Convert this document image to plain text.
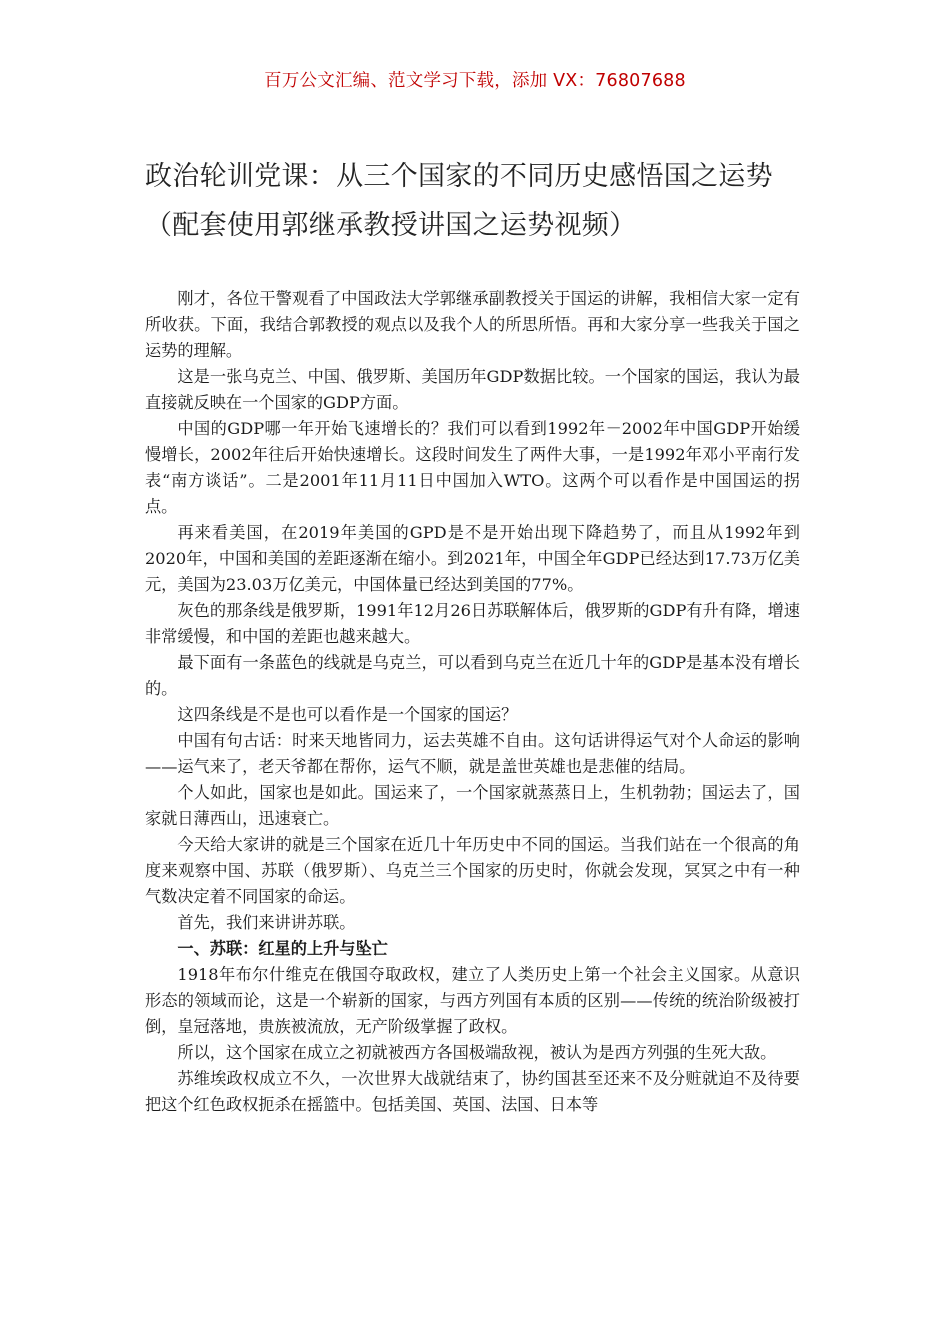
百万公文汇编、范文学习下载，添加 VX：76807688
政治轮训党课：从三个国家的不同历史感悟国之运势
（配套使用郭继承教授讲国之运势视频）

刚才，各位干警观看了中国政法大学郭继承副教授关于国运的讲解，我相信大家一定有所收获。下面，我结合郭教授的观点以及我个人的所思所悟。再和大家分享一些我关于国之运势的理解。

这是一张乌克兰、中国、俄罗斯、美国历年GDP数据比较。一个国家的国运，我认为最直接就反映在一个国家的GDP方面。

中国的GDP哪一年开始飞速增长的？我们可以看到1992年－2002年中国GDP开始缓慢增长，2002年往后开始快速增长。这段时间发生了两件大事，一是1992年邓小平南行发表“南方谈话”。二是2001年11月11日中国加入WTO。这两个可以看作是中国国运的拐点。

再来看美国，在2019年美国的GPD是不是开始出现下降趋势了，而且从1992年到2020年，中国和美国的差距逐渐在缩小。到2021年，中国全年GDP已经达到17.73万亿美元，美国为23.03万亿美元，中国体量已经达到美国的77%。

灰色的那条线是俄罗斯，1991年12月26日苏联解体后，俄罗斯的GDP有升有降，增速非常缓慢，和中国的差距也越来越大。

最下面有一条蓝色的线就是乌克兰，可以看到乌克兰在近几十年的GDP是基本没有增长的。

这四条线是不是也可以看作是一个国家的国运？

中国有句古话：时来天地皆同力，运去英雄不自由。这句话讲得运气对个人命运的影响——运气来了，老天爷都在帮你，运气不顺，就是盖世英雄也是悲催的结局。

个人如此，国家也是如此。国运来了，一个国家就蒸蒸日上，生机勃勃；国运去了，国家就日薄西山，迅速衰亡。

今天给大家讲的就是三个国家在近几十年历史中不同的国运。当我们站在一个很高的角度来观察中国、苏联（俄罗斯）、乌克兰三个国家的历史时，你就会发现，冥冥之中有一种气数决定着不同国家的命运。

首先，我们来讲讲苏联。

一、苏联：红星的上升与坠亡

1918年布尔什维克在俄国夺取政权，建立了人类历史上第一个社会主义国家。从意识形态的领域而论，这是一个崭新的国家，与西方列国有本质的区别——传统的统治阶级被打倒，皇冠落地，贵族被流放，无产阶级掌握了政权。

所以，这个国家在成立之初就被西方各国极端敌视，被认为是西方列强的生死大敌。

苏维埃政权成立不久，一次世界大战就结束了，协约国甚至还来不及分赃就迫不及待要把这个红色政权扼杀在摇篮中。包括美国、英国、法国、日本等
